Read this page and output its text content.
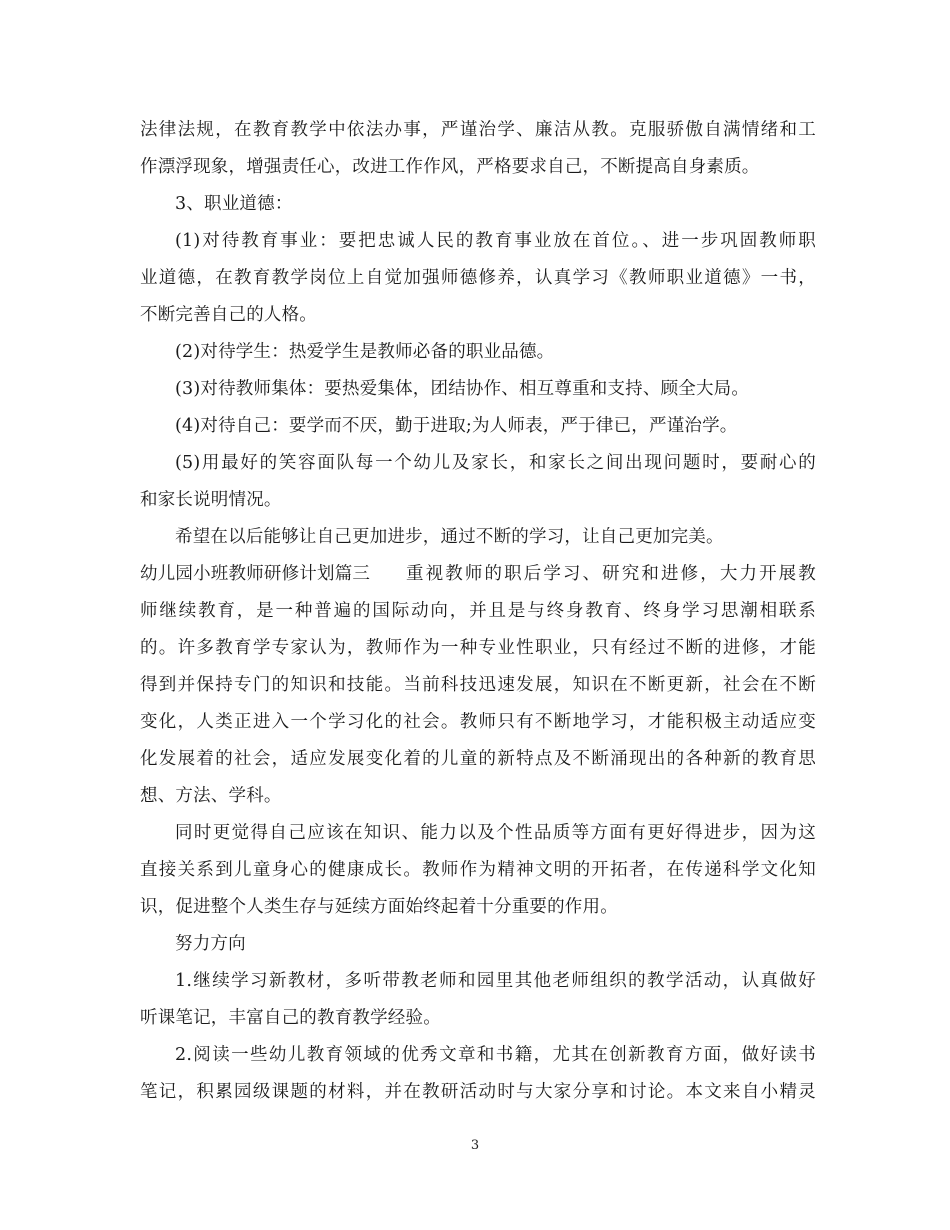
法律法规，在教育教学中依法办事，严谨治学、廉洁从教。克服骄傲自满情绪和工
作漂浮现象，增强责任心，改进工作作风，严格要求自己，不断提高自身素质。
3、职业道德：
(1)对待教育事业：要把忠诚人民的教育事业放在首位。、进一步巩固教师职
业道德，在教育教学岗位上自觉加强师德修养，认真学习《教师职业道德》一书，
不断完善自己的人格。
(2)对待学生：热爱学生是教师必备的职业品德。
(3)对待教师集体：要热爱集体，团结协作、相互尊重和支持、顾全大局。
(4)对待自己：要学而不厌，勤于进取;为人师表，严于律已，严谨治学。
(5)用最好的笑容面队每一个幼儿及家长，和家长之间出现问题时，要耐心的
和家长说明情况。
希望在以后能够让自己更加进步，通过不断的学习，让自己更加完美。
幼儿园小班教师研修计划篇三 重视教师的职后学习、研究和进修，大力开展教
师继续教育，是一种普遍的国际动向，并且是与终身教育、终身学习思潮相联系
的。许多教育学专家认为，教师作为一种专业性职业，只有经过不断的进修，才能
得到并保持专门的知识和技能。当前科技迅速发展，知识在不断更新，社会在不断
变化，人类正进入一个学习化的社会。教师只有不断地学习，才能积极主动适应变
化发展着的社会，适应发展变化着的儿童的新特点及不断涌现出的各种新的教育思
想、方法、学科。
同时更觉得自己应该在知识、能力以及个性品质等方面有更好得进步，因为这
直接关系到儿童身心的健康成长。教师作为精神文明的开拓者，在传递科学文化知
识，促进整个人类生存与延续方面始终起着十分重要的作用。
努力方向
1.继续学习新教材，多听带教老师和园里其他老师组织的教学活动，认真做好
听课笔记，丰富自己的教育教学经验。
2.阅读一些幼儿教育领域的优秀文章和书籍，尤其在创新教育方面，做好读书
笔记，积累园级课题的材料，并在教研活动时与大家分享和讨论。本文来自小精灵
3
